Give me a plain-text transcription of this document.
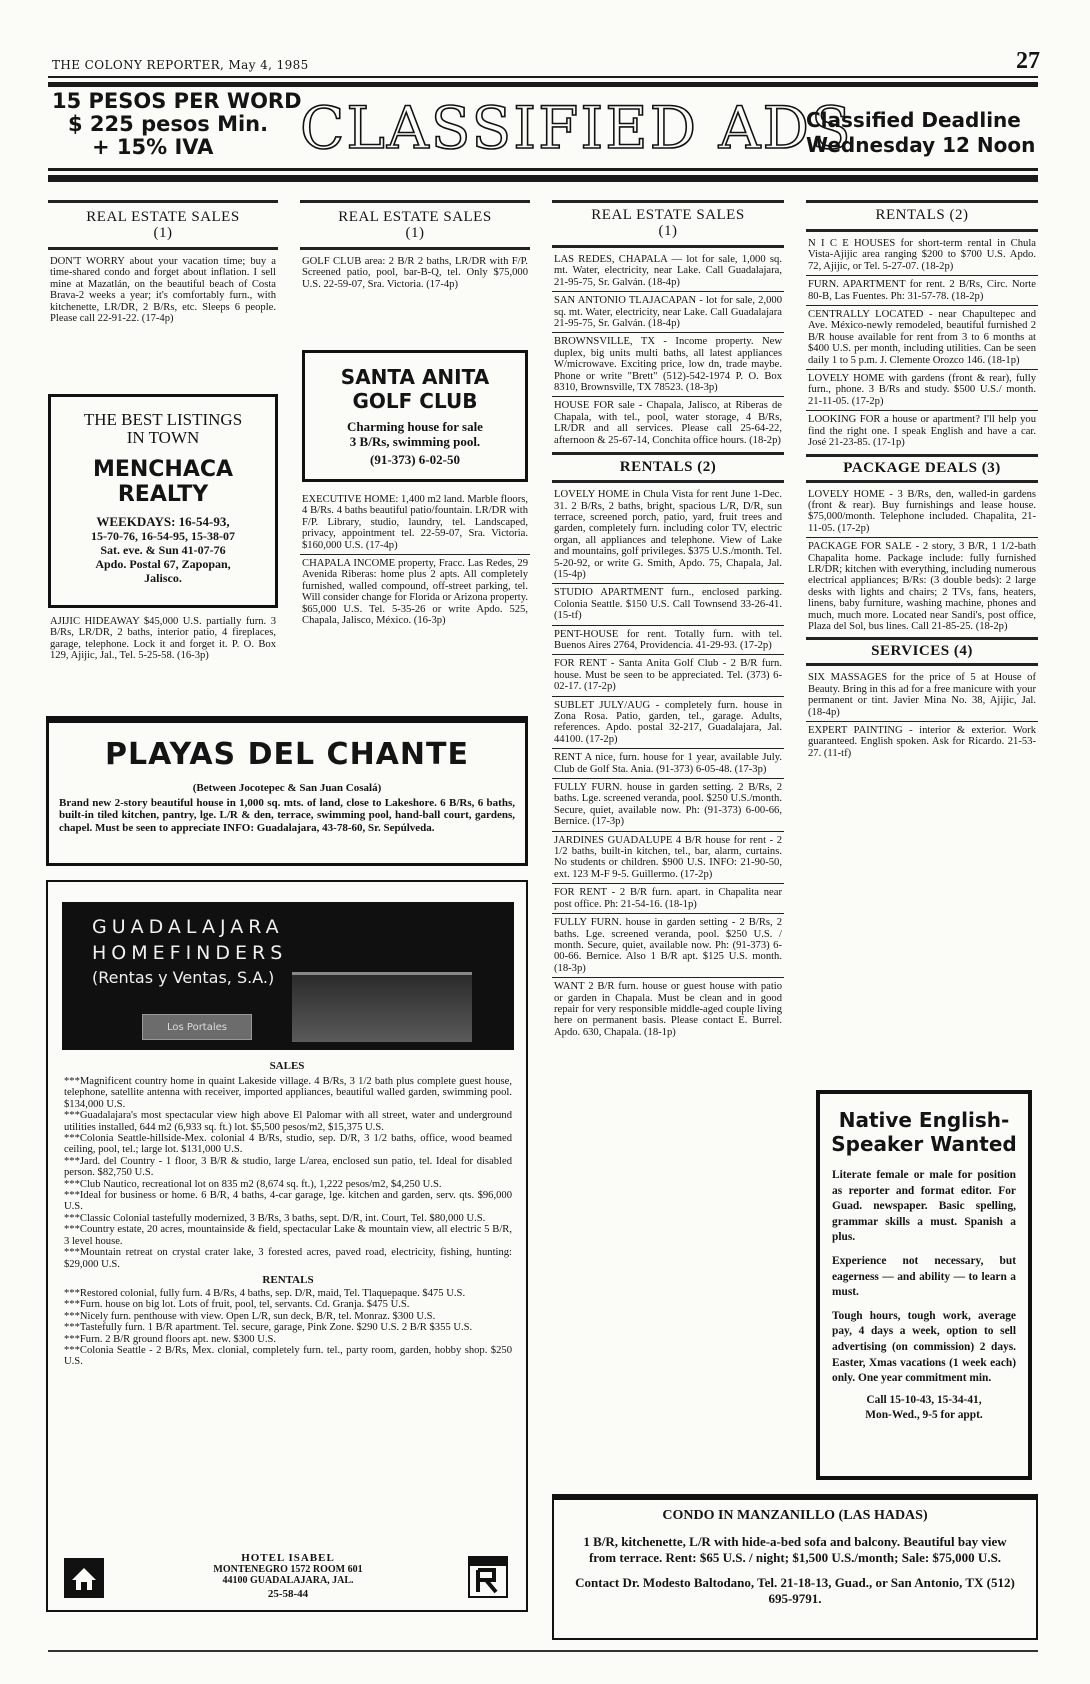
THE COLONY REPORTER, May 4, 1985	27
15 PESOS PER WORD
$ 225 pesos Min.
+ 15% IVA	CLASSIFIED ADS
Classified Deadline
Wednesday 12 Noon
REAL ESTATE SALES
(1)
DON'T WORRY about your vacation time; buy a time-shared condo and forget about inflation. I sell mine at Mazatlán, on the beautiful beach of Costa Brava-2 weeks a year; it's comfortably furn., with kitchenette, LR/DR, 2 B/Rs, etc. Sleeps 6 people. Please call 22-91-22. (17-4p)
THE BEST LISTINGS
IN TOWN
MENCHACA
REALTY
WEEKDAYS: 16-54-93,
15-70-76, 16-54-95, 15-38-07
Sat. eve. & Sun 41-07-76
Apdo. Postal 67, Zapopan,
Jalisco.
AJIJIC HIDEAWAY $45,000 U.S. partially furn. 3 B/Rs, LR/DR, 2 baths, interior patio, 4 fireplaces, garage, telephone. Lock it and forget it. P. O. Box 129, Ajijic, Jal., Tel. 5-25-58. (16-3p)
REAL ESTATE SALES
(1)
GOLF CLUB area: 2 B/R 2 baths, LR/DR with F/P. Screened patio, pool, bar-B-Q, tel. Only $75,000 U.S. 22-59-07, Sra. Victoria. (17-4p)
SANTA ANITA
GOLF CLUB
Charming house for sale
3 B/Rs, swimming pool.
(91-373) 6-02-50
EXECUTIVE HOME: 1,400 m2 land. Marble floors, 4 B/Rs. 4 baths beautiful patio/fountain. LR/DR with F/P. Library, studio, laundry, tel. Landscaped, privacy, appointment tel. 22-59-07, Sra. Victoria. $160,000 U.S. (17-4p)
CHAPALA INCOME property, Fracc. Las Redes, 29 Avenida Riberas: home plus 2 apts. All completely furnished, walled compound, off-street parking, tel. Will consider change for Florida or Arizona property. $65,000 U.S. Tel. 5-35-26 or write Apdo. 525, Chapala, Jalisco, México. (16-3p)
PLAYAS DEL CHANTE
(Between Jocotepec & San Juan Cosalá)
Brand new 2-story beautiful house in 1,000 sq. mts. of land, close to Lakeshore. 6 B/Rs, 6 baths, built-in tiled kitchen, pantry, lge. L/R & den, terrace, swimming pool, hand-ball court, gardens, chapel. Must be seen to appreciate INFO: Guadalajara, 43-78-60, Sr. Sepúlveda.
GUADALAJARA
HOMEFINDERS
(Rentas y Ventas, S.A.)
Los Portales
SALES
***Magnificent country home in quaint Lakeside village. 4 B/Rs, 3 1/2 bath plus complete guest house, telephone, satellite antenna with receiver, imported appliances, beautiful walled garden, swimming pool. $134,000 U.S.
***Guadalajara's most spectacular view high above El Palomar with all street, water and underground utilities installed, 644 m2 (6,933 sq. ft.) lot. $5,500 pesos/m2, $15,375 U.S.
***Colonia Seattle-hillside-Mex. colonial 4 B/Rs, studio, sep. D/R, 3 1/2 baths, office, wood beamed ceiling, pool, tel.; large lot. $131,000 U.S.
***Jard. del Country - 1 floor, 3 B/R & studio, large L/area, enclosed sun patio, tel. Ideal for disabled person. $82,750 U.S.
***Club Nautico, recreational lot on 835 m2 (8,674 sq. ft.), 1,222 pesos/m2, $4,250 U.S.
***Ideal for business or home. 6 B/R, 4 baths, 4-car garage, lge. kitchen and garden, serv. qts. $96,000 U.S.
***Classic Colonial tastefully modernized, 3 B/Rs, 3 baths, sept. D/R, int. Court, Tel. $80,000 U.S.
***Country estate, 20 acres, mountainside & field, spectacular Lake & mountain view, all electric 5 B/R, 3 level house.
***Mountain retreat on crystal crater lake, 3 forested acres, paved road, electricity, fishing, hunting: $29,000 U.S.
RENTALS
***Restored colonial, fully furn. 4 B/Rs, 4 baths, sep. D/R, maid, Tel. Tlaquepaque. $475 U.S.
***Furn. house on big lot. Lots of fruit, pool, tel, servants. Cd. Granja. $475 U.S.
***Nicely furn. penthouse with view. Open L/R, sun deck, B/R, tel. Monraz. $300 U.S.
***Tastefully furn. 1 B/R apartment. Tel. secure, garage, Pink Zone. $290 U.S. 2 B/R $355 U.S.
***Furn. 2 B/R ground floors apt. new. $300 U.S.
***Colonia Seattle - 2 B/Rs, Mex. clonial, completely furn. tel., party room, garden, hobby shop. $250 U.S.
HOTEL ISABEL
MONTENEGRO 1572 ROOM 601
44100 GUADALAJARA, JAL.
25-58-44
REAL ESTATE SALES
(1)
LAS REDES, CHAPALA — lot for sale, 1,000 sq. mt. Water, electricity, near Lake. Call Guadalajara, 21-95-75, Sr. Galván. (18-4p)
SAN ANTONIO TLAJACAPAN - lot for sale, 2,000 sq. mt. Water, electricity, near Lake. Call Guadalajara 21-95-75, Sr. Galván. (18-4p)
BROWNSVILLE, TX - Income property. New duplex, big units multi baths, all latest appliances W/microwave. Exciting price, low dn, trade maybe. Phone or write "Brett" (512)-542-1974 P. O. Box 8310, Brownsville, TX 78523. (18-3p)
HOUSE FOR sale - Chapala, Jalisco, at Riberas de Chapala, with tel., pool, water storage, 4 B/Rs, LR/DR and all services. Please call 25-64-22, afternoon & 25-67-14, Conchita office hours. (18-2p)
RENTALS (2)
LOVELY HOME in Chula Vista for rent June 1-Dec. 31. 2 B/Rs, 2 baths, bright, spacious L/R, D/R, sun terrace, screened porch, patio, yard, fruit trees and garden, completely furn. including color TV, electric organ, all appliances and telephone. View of Lake and mountains, golf privileges. $375 U.S./month. Tel. 5-20-92, or write G. Smith, Apdo. 75, Chapala, Jal. (15-4p)
STUDIO APARTMENT furn., enclosed parking. Colonia Seattle. $150 U.S. Call Townsend 33-26-41. (15-tf)
PENT-HOUSE for rent. Totally furn. with tel. Buenos Aires 2764, Providencia. 41-29-93. (17-2p)
FOR RENT - Santa Anita Golf Club - 2 B/R furn. house. Must be seen to be appreciated. Tel. (373) 6-02-17. (17-2p)
SUBLET JULY/AUG - completely furn. house in Zona Rosa. Patio, garden, tel., garage. Adults, references. Apdo. postal 32-217, Guadalajara, Jal. 44100. (17-2p)
RENT A nice, furn. house for 1 year, available July. Club de Golf Sta. Ania. (91-373) 6-05-48. (17-3p)
FULLY FURN. house in garden setting. 2 B/Rs, 2 baths. Lge. screened veranda, pool. $250 U.S./month. Secure, quiet, available now. Ph: (91-373) 6-00-66, Bernice. (17-3p)
JARDINES GUADALUPE 4 B/R house for rent - 2 1/2 baths, built-in kitchen, tel., bar, alarm, curtains. No students or children. $900 U.S. INFO: 21-90-50, ext. 123 M-F 9-5. Guillermo. (17-2p)
FOR RENT - 2 B/R furn. apart. in Chapalita near post office. Ph: 21-54-16. (18-1p)
FULLY FURN. house in garden setting - 2 B/Rs, 2 baths. Lge. screened veranda, pool. $250 U.S. / month. Secure, quiet, available now. Ph: (91-373) 6-00-66. Bernice. Also 1 B/R apt. $125 U.S. month. (18-3p)
WANT 2 B/R furn. house or guest house with patio or garden in Chapala. Must be clean and in good repair for very responsible middle-aged couple living here on permanent basis. Please contact E. Burrel. Apdo. 630, Chapala. (18-1p)
RENTALS (2)
N I C E HOUSES for short-term rental in Chula Vista-Ajijic area ranging $200 to $700 U.S. Apdo. 72, Ajijic, or Tel. 5-27-07. (18-2p)
FURN. APARTMENT for rent. 2 B/Rs, Circ. Norte 80-B, Las Fuentes. Ph: 31-57-78. (18-2p)
CENTRALLY LOCATED - near Chapultepec and Ave. México-newly remodeled, beautiful furnished 2 B/R house available for rent from 3 to 6 months at $400 U.S. per month, including utilities. Can be seen daily 1 to 5 p.m. J. Clemente Orozco 146. (18-1p)
LOVELY HOME with gardens (front & rear), fully furn., phone. 3 B/Rs and study. $500 U.S./ month. 21-11-05. (17-2p)
LOOKING FOR a house or apartment? I'll help you find the right one. I speak English and have a car. José 21-23-85. (17-1p)
PACKAGE DEALS (3)
LOVELY HOME - 3 B/Rs, den, walled-in gardens (front & rear). Buy furnishings and lease house. $75,000/month. Telephone included. Chapalita, 21-11-05. (17-2p)
PACKAGE FOR SALE - 2 story, 3 B/R, 1 1/2-bath Chapalita home. Package include: fully furnished LR/DR; kitchen with everything, including numerous electrical appliances; B/Rs: (3 double beds): 2 large desks with lights and chairs; 2 TVs, fans, heaters, linens, baby furniture, washing machine, phones and much, much more. Located near Sandi's, post office, Plaza del Sol, bus lines. Call 21-85-25. (18-2p)
SERVICES (4)
SIX MASSAGES for the price of 5 at House of Beauty. Bring in this ad for a free manicure with your permanent or tint. Javier Mina No. 38, Ajijic, Jal. (18-4p)
EXPERT PAINTING - interior & exterior. Work guaranteed. English spoken. Ask for Ricardo. 21-53-27. (11-tf)
Native English-
Speaker Wanted
Literate female or male for position as reporter and format editor. For Guad. newspaper. Basic spelling, grammar skills a must. Spanish a plus.
Experience not necessary, but eagerness — and ability — to learn a must.
Tough hours, tough work, average pay, 4 days a week, option to sell advertising (on commission) 2 days. Easter, Xmas vacations (1 week each) only. One year commitment min.
Call 15-10-43, 15-34-41,
Mon-Wed., 9-5 for appt.
CONDO IN MANZANILLO (LAS HADAS)
1 B/R, kitchenette, L/R with hide-a-bed sofa and balcony. Beautiful bay view from terrace. Rent: $65 U.S. / night; $1,500 U.S./month; Sale: $75,000 U.S.
Contact Dr. Modesto Baltodano, Tel. 21-18-13, Guad., or San Antonio, TX (512) 695-9791.
